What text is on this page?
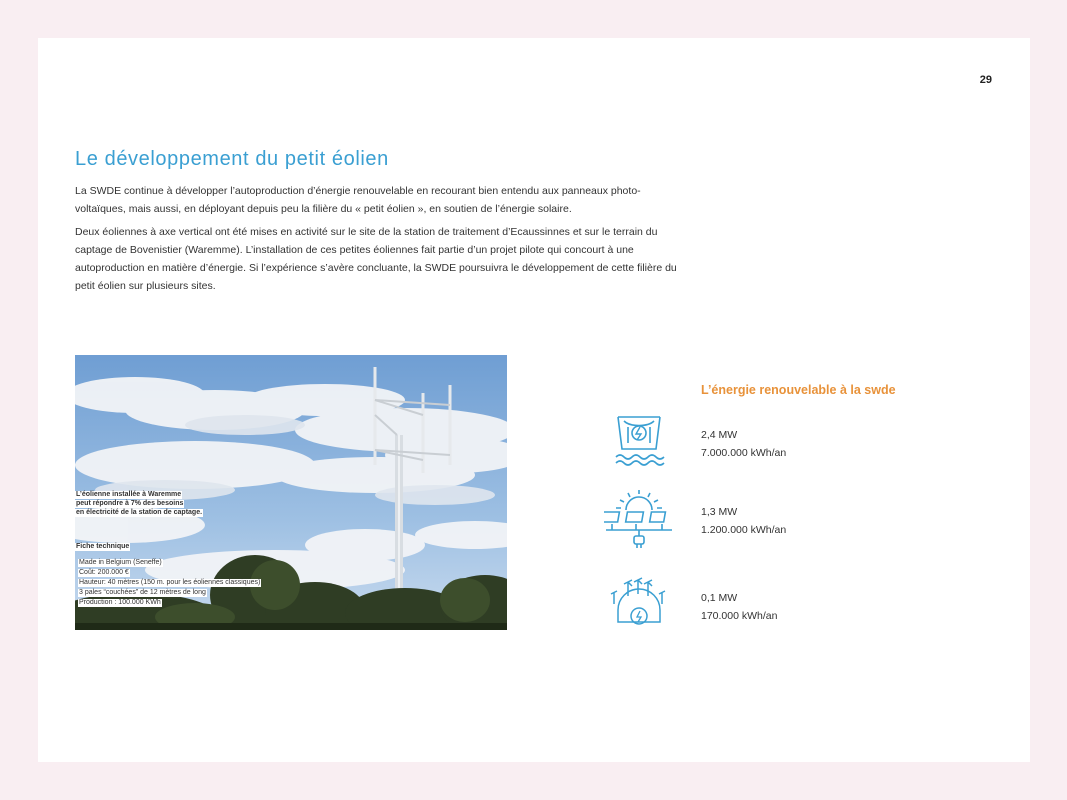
29
Le développement du petit éolien

La SWDE continue à développer l’autoproduction d’énergie renouvelable en recourant bien entendu aux panneaux photo-voltaïques, mais aussi, en déployant depuis peu la filière du « petit éolien », en soutien de l’énergie solaire.

Deux éoliennes à axe vertical ont été mises en activité sur le site de la station de traitement d’Ecaussinnes et sur le terrain du captage de Bovenistier (Waremme). L’installation de ces petites éoliennes fait partie d’un projet pilote qui concourt à une autoproduction en matière d’énergie. Si l’expérience s’avère concluante, la SWDE poursuivra le développement de cette filière du petit éolien sur plusieurs sites.

L’éolienne installée à Waremme
peut répondre à 7% des besoins
en électricité de la station de captage.
Fiche technique
Made in Belgium (Seneffe)
Coût: 200.000 €
Hauteur: 40 mètres (150 m. pour les éoliennes classiques)
3 pales “couchées” de 12 mètres de long
Production : 100.000 KWh
L’énergie renouvelable à la swde
2,4 MW
7.000.000 kWh/an
1,3 MW
1.200.000 kWh/an
0,1 MW
170.000 kWh/an
